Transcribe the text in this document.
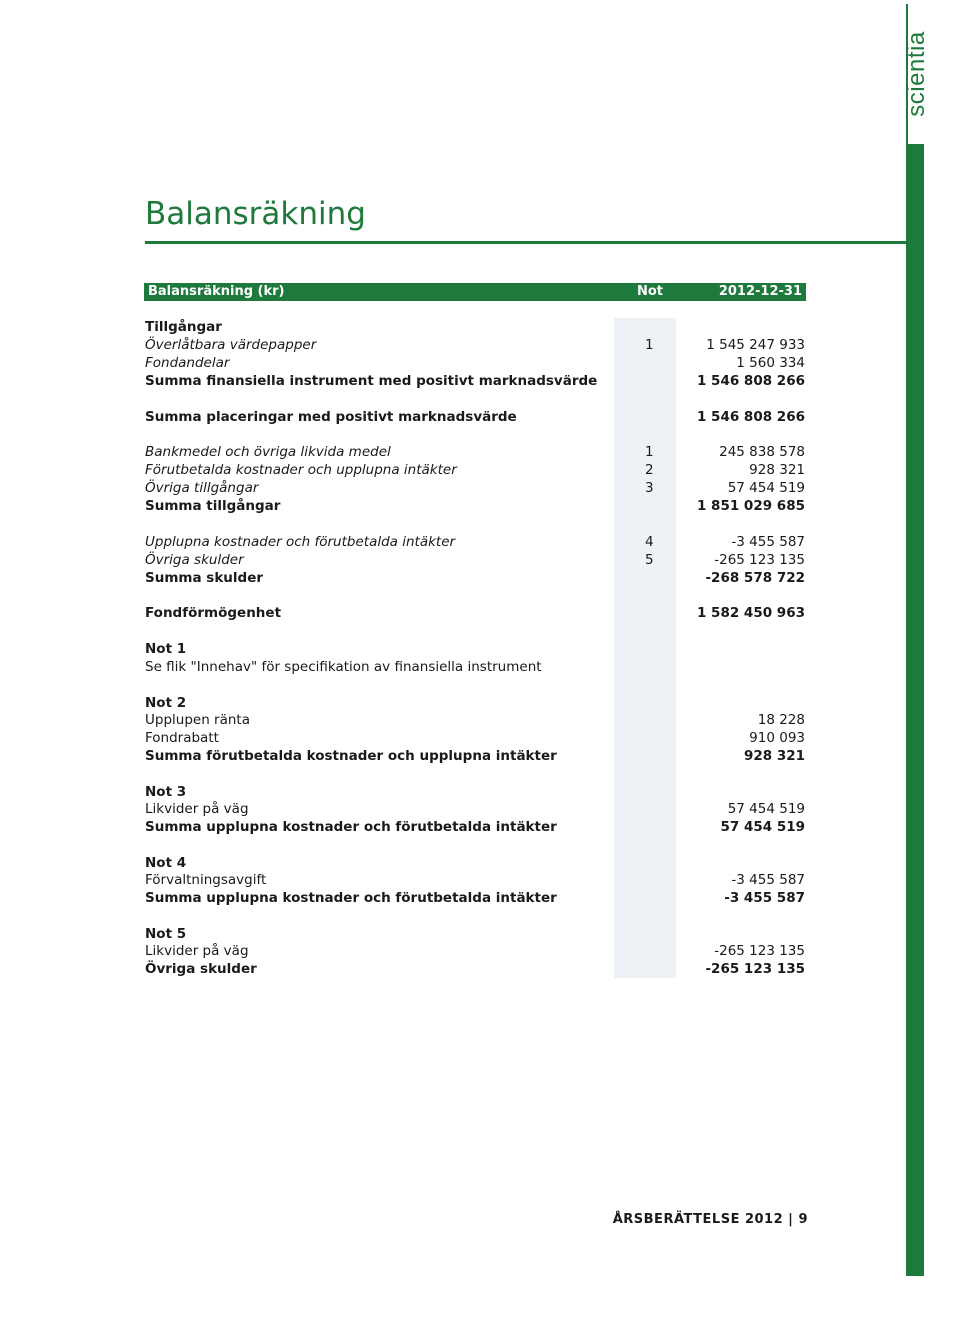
scientia
Balansräkning
Balansräkning (kr)	Not	2012-12-31
Tillgångar
Överlåtbara värdepapper	1	1 545 247 933
Fondandelar	1 560 334
Summa finansiella instrument med positivt marknadsvärde	1 546 808 266
Summa placeringar med positivt marknadsvärde	1 546 808 266
Bankmedel och övriga likvida medel	1	245 838 578
Förutbetalda kostnader och upplupna intäkter	2	928 321
Övriga tillgångar	3	57 454 519
Summa tillgångar	1 851 029 685
Upplupna kostnader och förutbetalda intäkter	4	-3 455 587
Övriga skulder	5	-265 123 135
Summa skulder	-268 578 722
Fondförmögenhet	1 582 450 963
Not 1
Se flik "Innehav" för specifikation av finansiella instrument
Not 2
Upplupen ränta	18 228
Fondrabatt	910 093
Summa förutbetalda kostnader och upplupna intäkter	928 321
Not 3
Likvider på väg	57 454 519
Summa upplupna kostnader och förutbetalda intäkter	57 454 519
Not 4
Förvaltningsavgift	-3 455 587
Summa upplupna kostnader och förutbetalda intäkter	-3 455 587
Not 5
Likvider på väg	-265 123 135
Övriga skulder	-265 123 135
ÅRSBERÄTTELSE 2012 | 9
